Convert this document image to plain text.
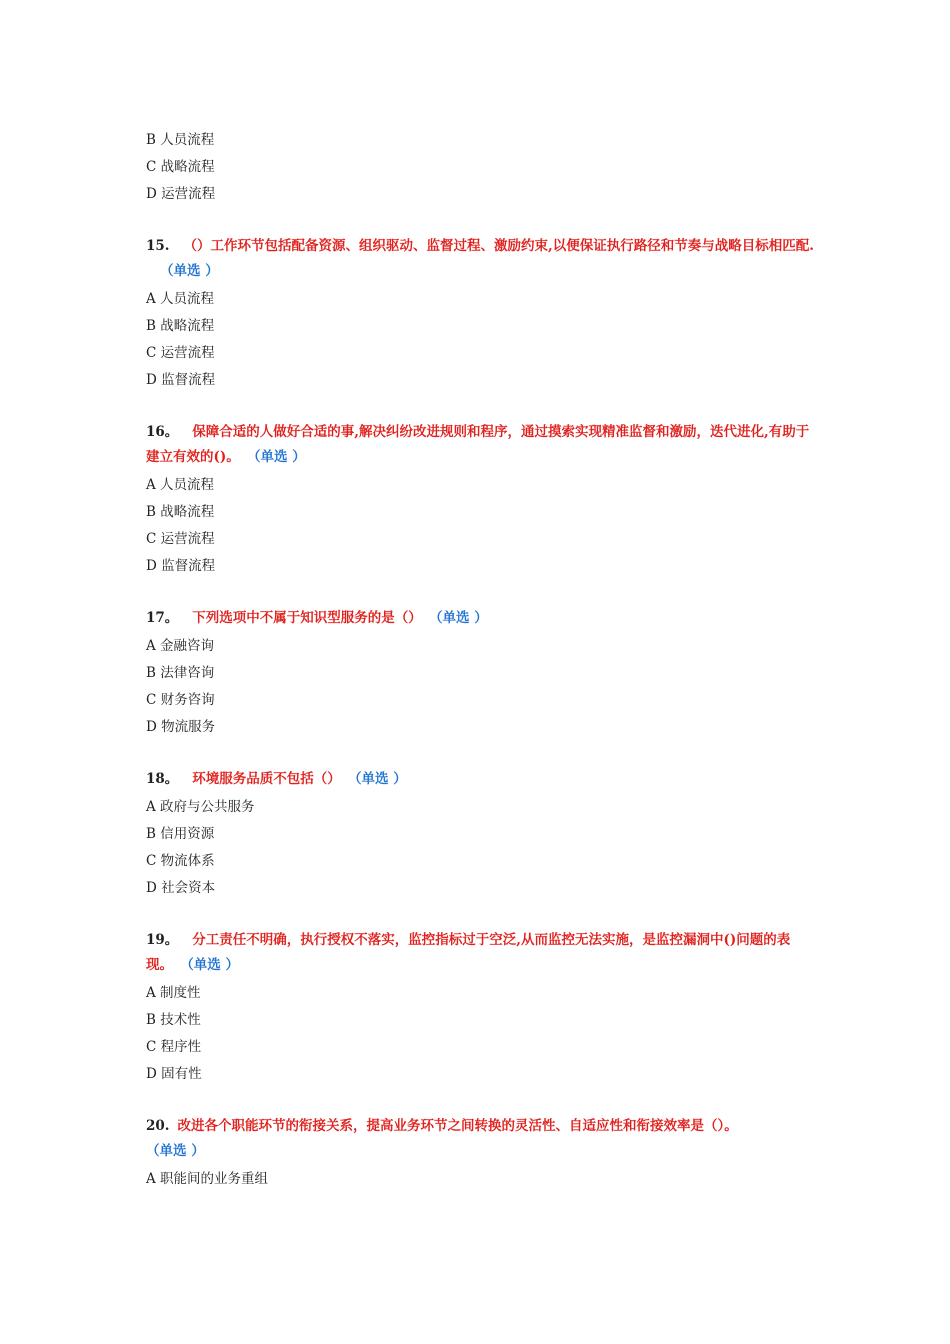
B 人员流程
C 战略流程
D 运营流程
15. （）工作环节包括配备资源、组织驱动、监督过程、激励约束,以便保证执行路径和节奏与战略目标相匹配.（单选 ）
A 人员流程
B 战略流程
C 运营流程
D 监督流程
16。 保障合适的人做好合适的事,解决纠纷改进规则和程序，通过摸索实现精准监督和激励，迭代进化,有助于建立有效的()。 （单选 ）
A 人员流程
B 战略流程
C 运营流程
D 监督流程
17。 下列选项中不属于知识型服务的是（） （单选 ）
A 金融咨询
B 法律咨询
C 财务咨询
D 物流服务
18。 环境服务品质不包括（） （单选 ）
A 政府与公共服务
B 信用资源
C 物流体系
D 社会资本
19。 分工责任不明确，执行授权不落实，监控指标过于空泛,从而监控无法实施，是监控漏洞中()问题的表现。 （单选 ）
A 制度性
B 技术性
C 程序性
D 固有性
20. 改进各个职能环节的衔接关系，提高业务环节之间转换的灵活性、自适应性和衔接效率是（）。
（单选 ）
A 职能间的业务重组
